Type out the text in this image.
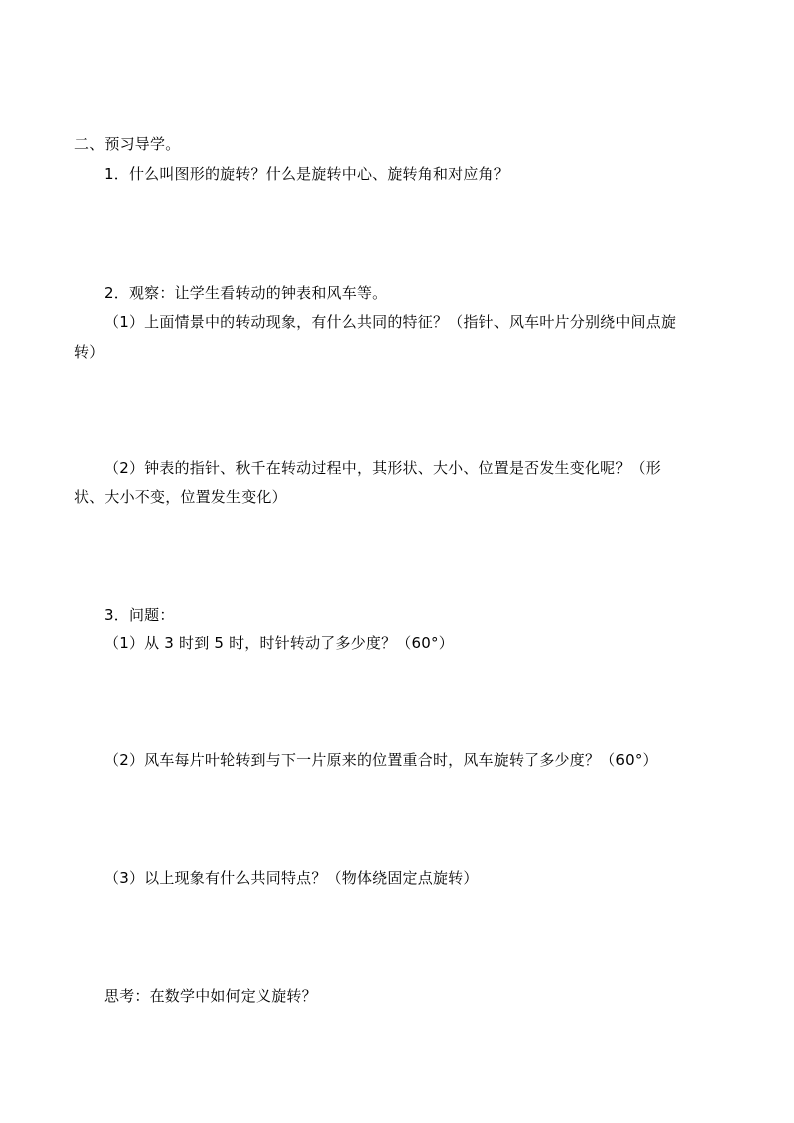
二、预习导学。
1．什么叫图形的旋转？什么是旋转中心、旋转角和对应角？
2．观察：让学生看转动的钟表和风车等。
（1）上面情景中的转动现象，有什么共同的特征？（指针、风车叶片分别绕中间点旋
转）
（2）钟表的指针、秋千在转动过程中，其形状、大小、位置是否发生变化呢？（形
状、大小不变，位置发生变化）
3．问题：
（1）从 3 时到 5 时，时针转动了多少度？（60°）
（2）风车每片叶轮转到与下一片原来的位置重合时，风车旋转了多少度？（60°）
（3）以上现象有什么共同特点？（物体绕固定点旋转）
思考：在数学中如何定义旋转？
